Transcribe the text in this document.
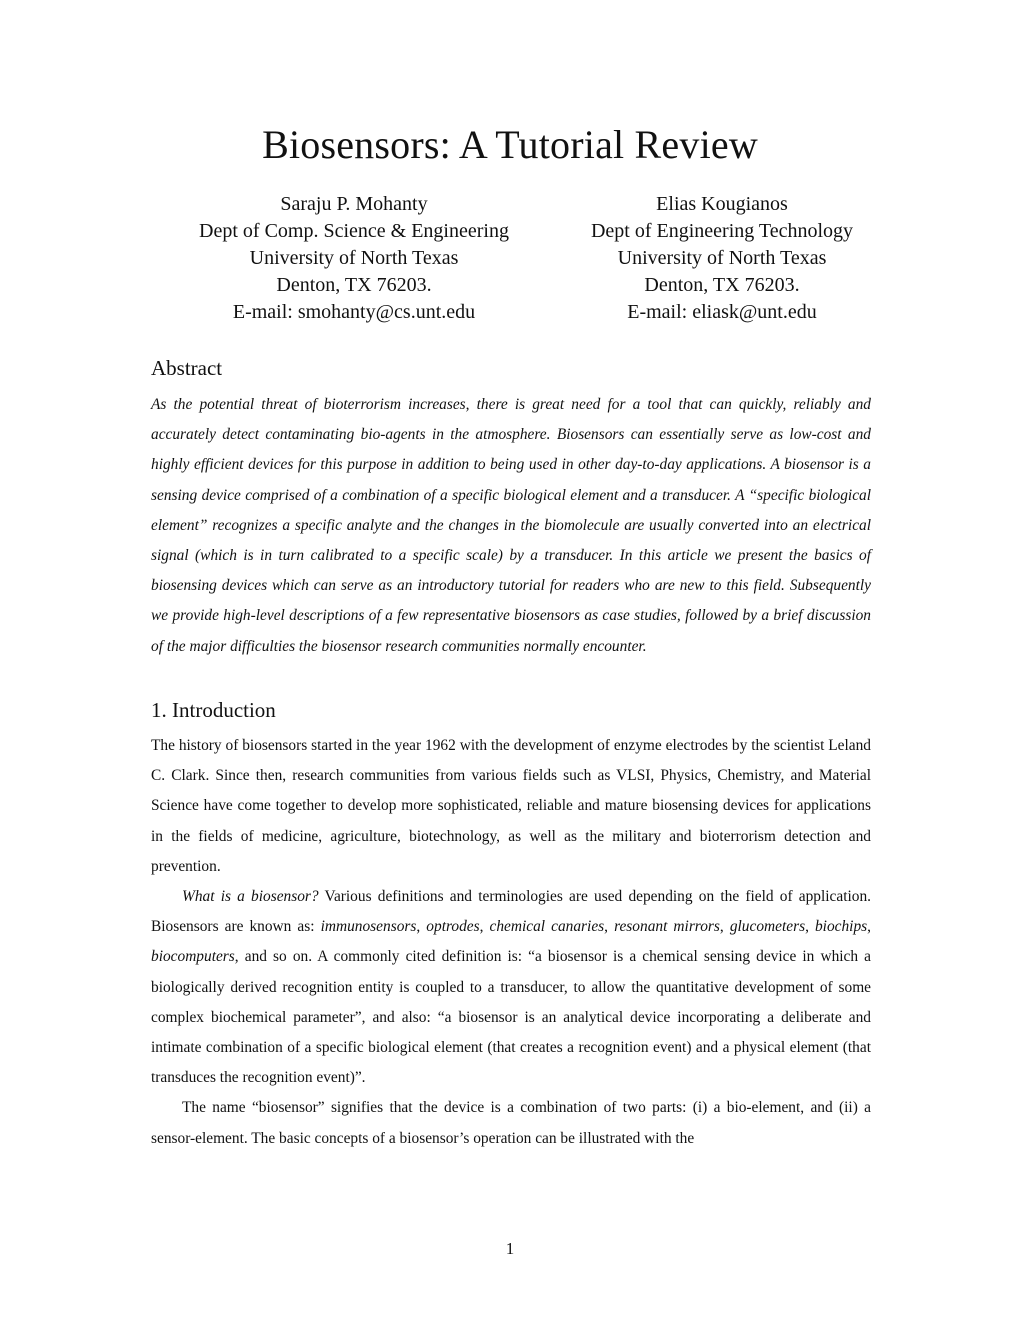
Biosensors: A Tutorial Review
Saraju P. Mohanty
Dept of Comp. Science & Engineering
University of North Texas
Denton, TX 76203.
E-mail: smohanty@cs.unt.edu
Elias Kougianos
Dept of Engineering Technology
University of North Texas
Denton, TX 76203.
E-mail: eliask@unt.edu
Abstract
As the potential threat of bioterrorism increases, there is great need for a tool that can quickly, reliably and accurately detect contaminating bio-agents in the atmosphere. Biosensors can essentially serve as low-cost and highly efficient devices for this purpose in addition to being used in other day-to-day applications. A biosensor is a sensing device comprised of a combination of a specific biological element and a transducer. A “specific biological element” recognizes a specific analyte and the changes in the biomolecule are usually converted into an electrical signal (which is in turn calibrated to a specific scale) by a transducer. In this article we present the basics of biosensing devices which can serve as an introductory tutorial for readers who are new to this field. Subsequently we provide high-level descriptions of a few representative biosensors as case studies, followed by a brief discussion of the major difficulties the biosensor research communities normally encounter.
1. Introduction

The history of biosensors started in the year 1962 with the development of enzyme electrodes by the scientist Leland C. Clark. Since then, research communities from various fields such as VLSI, Physics, Chemistry, and Material Science have come together to develop more sophisticated, reliable and mature biosensing devices for applications in the fields of medicine, agriculture, biotechnology, as well as the military and bioterrorism detection and prevention.

What is a biosensor? Various definitions and terminologies are used depending on the field of application. Biosensors are known as: immunosensors, optrodes, chemical canaries, resonant mirrors, glucometers, biochips, biocomputers, and so on. A commonly cited definition is: “a biosensor is a chemical sensing device in which a biologically derived recognition entity is coupled to a transducer, to allow the quantitative development of some complex biochemical parameter”, and also: “a biosensor is an analytical device incorporating a deliberate and intimate combination of a specific biological element (that creates a recognition event) and a physical element (that transduces the recognition event)”.

The name “biosensor” signifies that the device is a combination of two parts: (i) a bio-element, and (ii) a sensor-element. The basic concepts of a biosensor’s operation can be illustrated with the

1
